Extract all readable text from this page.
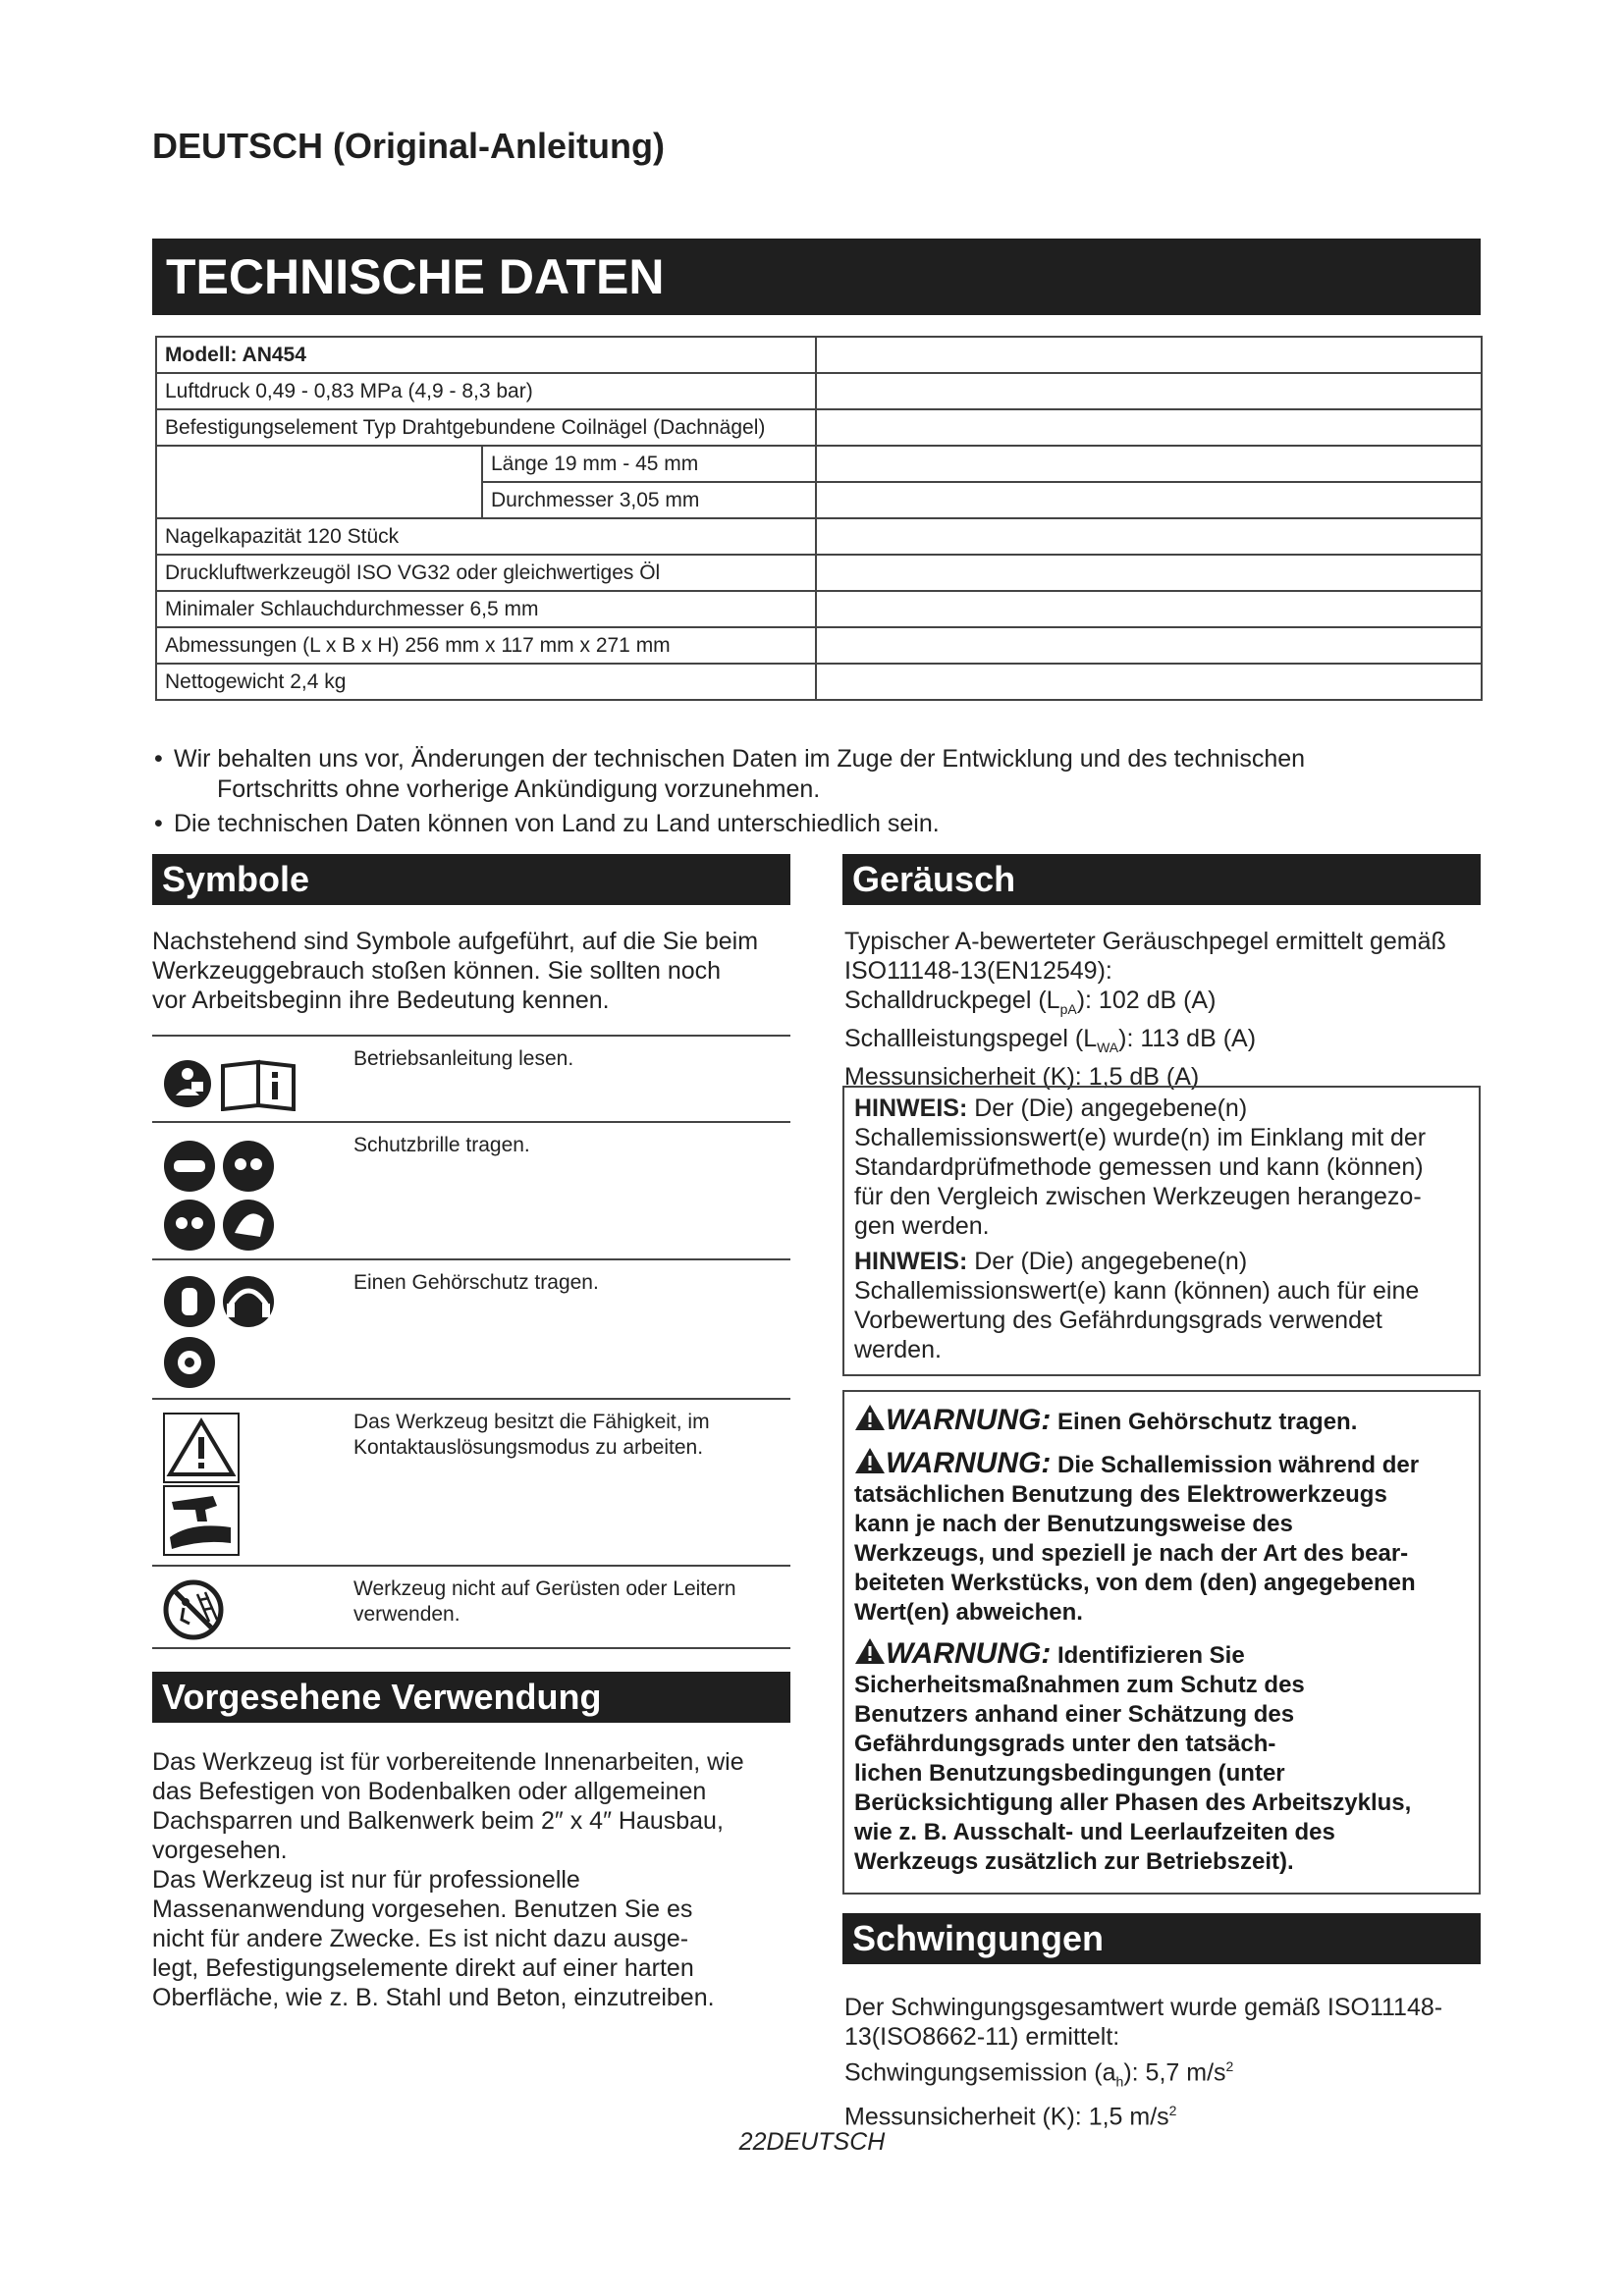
DEUTSCH (Original-Anleitung)
TECHNISCHE DATEN
Modell: AN454		
Luftdruck 0,49 - 0,83 MPa (4,9 - 8,3 bar)		
Befestigungselement Typ Drahtgebundene Coilnägel (Dachnägel)		
	Länge 19 mm - 45 mm	
	Durchmesser 3,05 mm	
Nagelkapazität 120 Stück		
Druckluftwerkzeugöl ISO VG32 oder gleichwertiges Öl		
Minimaler Schlauchdurchmesser 6,5 mm		
Abmessungen (L x B x H) 256 mm x 117 mm x 271 mm		
Nettogewicht 2,4 kg		
• Wir behalten uns vor, Änderungen der technischen Daten im Zuge der Entwicklung und des technischen
Fortschritts ohne vorherige Ankündigung vorzunehmen.
• Die technischen Daten können von Land zu Land unterschiedlich sein.
Symbole
Nachstehend sind Symbole aufgeführt, auf die Sie beim
Werkzeuggebrauch stoßen können. Sie sollten noch
vor Arbeitsbeginn ihre Bedeutung kennen.
Betriebsanleitung lesen.
Schutzbrille tragen.
Einen Gehörschutz tragen.
Das Werkzeug besitzt die Fähigkeit, im
Kontaktauslösungsmodus zu arbeiten.
Werkzeug nicht auf Gerüsten oder Leitern
verwenden.
Vorgesehene Verwendung
Das Werkzeug ist für vorbereitende Innenarbeiten, wie
das Befestigen von Bodenbalken oder allgemeinen
Dachsparren und Balkenwerk beim 2″ x 4″ Hausbau,
vorgesehen.
Das Werkzeug ist nur für professionelle
Massenanwendung vorgesehen. Benutzen Sie es
nicht für andere Zwecke. Es ist nicht dazu ausge-
legt, Befestigungselemente direkt auf einer harten
Oberfläche, wie z. B. Stahl und Beton, einzutreiben.
Geräusch
Typischer A-bewerteter Geräuschpegel ermittelt gemäß
ISO11148-13(EN12549):
Schalldruckpegel $(L_{pA})$: 102 dB (A)
Schallleistungspegel $(L_{WA})$: 113 dB (A)
Messunsicherheit (K): 1,5 dB (A)
HINWEIS: Der (Die) angegebene(n)
Schallemissionswert(e) wurde(n) im Einklang mit der
Standardprüfmethode gemessen und kann (können)
für den Vergleich zwischen Werkzeugen herangezo-
gen werden.
HINWEIS: Der (Die) angegebene(n)
Schallemissionswert(e) kann (können) auch für eine
Vorbewertung des Gefährdungsgrads verwendet
werden.
WARNUNG: Einen Gehörschutz tragen.
WARNUNG: Die Schallemission während der
tatsächlichen Benutzung des Elektrowerkzeugs
kann je nach der Benutzungsweise des
Werkzeugs, und speziell je nach der Art des bear-
beiteten Werkstücks, von dem (den) angegebenen
Wert(en) abweichen.
WARNUNG: Identifizieren Sie
Sicherheitsmaßnahmen zum Schutz des
Benutzers anhand einer Schätzung des
Gefährdungsgrads unter den tatsäch-
lichen Benutzungsbedingungen (unter
Berücksichtigung aller Phasen des Arbeitszyklus,
wie z. B. Ausschalt- und Leerlaufzeiten des
Werkzeugs zusätzlich zur Betriebszeit).
Schwingungen
Der Schwingungsgesamtwert wurde gemäß ISO11148-
13(ISO8662-11) ermittelt:
Schwingungsemission $(a_h)$: 5,7 $m/s^2$
Messunsicherheit (K): 1,5 $m/s^2$
22DEUTSCH
